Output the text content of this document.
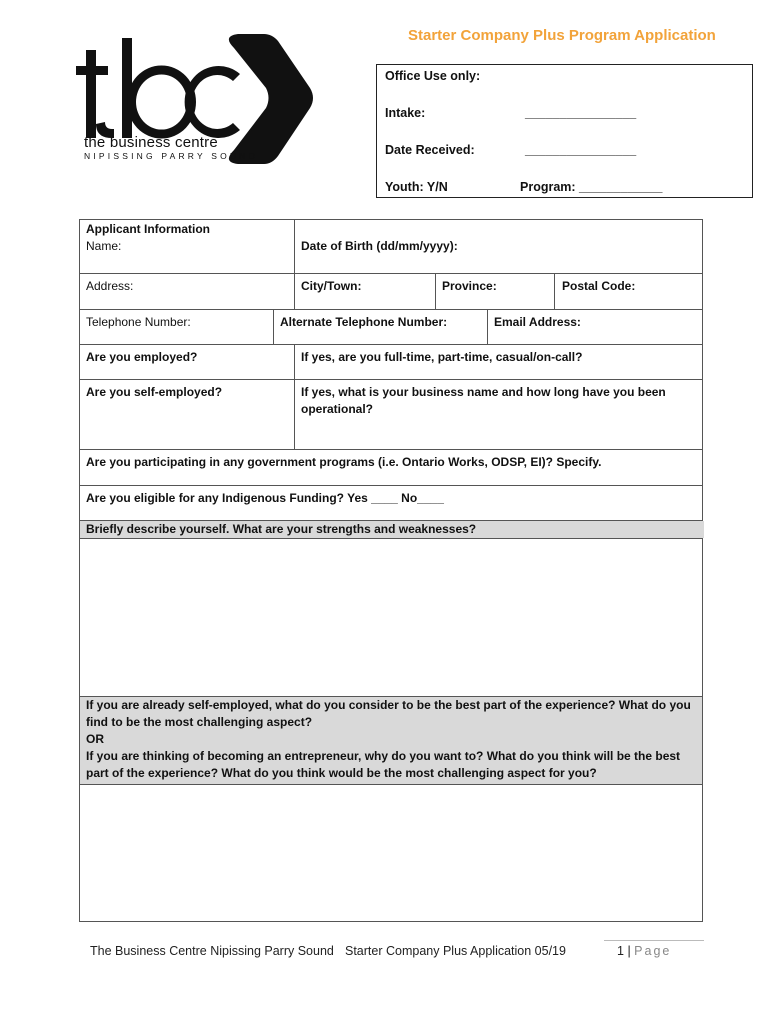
the business centre
NIPISSING PARRY SOUND
Starter Company Plus Program Application
Office Use only:
Intake:	________________
Date Received:	________________
Youth: Y/N	Program: ____________
Applicant Information
Name:	Date of Birth (dd/mm/yyyy):
Address:	City/Town:	Province:	Postal Code:
Telephone Number:	Alternate Telephone Number:	Email Address:
Are you employed?	If yes, are you full-time, part-time, casual/on-call?
Are you self-employed?	If yes, what is your business name and how long have you been operational?
Are you participating in any government programs (i.e. Ontario Works, ODSP, EI)? Specify.
Are you eligible for any Indigenous Funding? Yes ____ No____
Briefly describe yourself. What are your strengths and weaknesses?
If you are already self-employed, what do you consider to be the best part of the experience? What do you find to be the most challenging aspect?
OR
If you are thinking of becoming an entrepreneur, why do you want to? What do you think will be the best part of the experience? What do you think would be the most challenging aspect for you?
The Business Centre Nipissing Parry Sound Starter Company Plus Application 05/19	1 | Page
